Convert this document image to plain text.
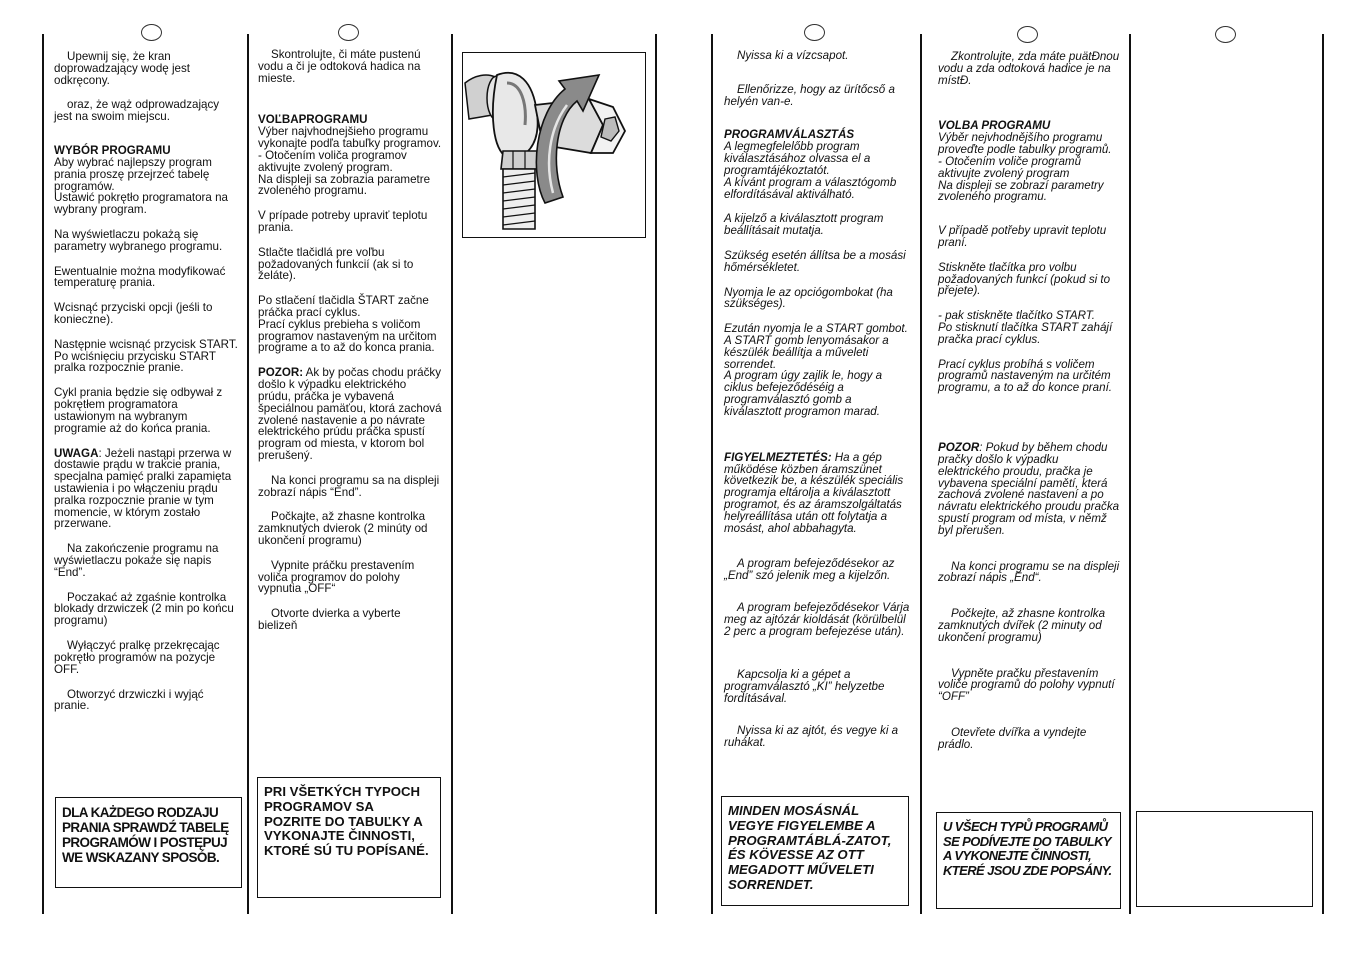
Upewnij się, że kran doprowadzający wodę jest odkręcony.

oraz, że wąż odprowadzający jest na swoim miejscu.

WYBÓR PROGRAMU

Aby wybrać najlepszy program prania proszę przejrzeć tabelę programów.
Ustawić pokrętło programatora na wybrany program.

Na wyświetlaczu pokażą się parametry wybranego programu.

Ewentualnie można modyfikować temperaturę prania.

Wcisnąć przyciski opcji (jeśli to konieczne).

Następnie wcisnąć przycisk START.
Po wciśnięciu przycisku START pralka rozpocznie pranie.

Cykl prania będzie się odbywał z pokrętłem programatora ustawionym na wybranym programie aż do końca prania.

UWAGA: Jeżeli nastąpi przerwa w dostawie prądu w trakcie prania, specjalna pamięć pralki zapamięta ustawienia i po włączeniu prądu pralka rozpocznie pranie w tym momencie, w którym zostało przerwane.

Na zakończenie programu na wyświetlaczu pokaże się napis “End”.

Poczakać aż zgaśnie kontrolka blokady drzwiczek (2 min po końcu programu)

Wyłączyć pralkę przekręcając pokrętło programów na pozycje OFF.

Otworzyć drzwiczki i wyjąć pranie.

DLA KAŻDEGO RODZAJU PRANIA SPRAWDŹ TABELĘ PROGRAMÓW I POSTĘPUJ WE WSKAZANY SPOSÓB.

Skontrolujte, či máte pustenú vodu a či je odtoková hadica na mieste.

VOĽBAPROGRAMU

Výber najvhodnejšieho programu vykonajte podľa tabuľky programov.
- Otočením voliča programov aktivujte zvolený program.
Na displeji sa zobrazia parametre zvoleného programu.

V prípade potreby upraviť teplotu prania.

Stlačte tlačidlá pre voľbu požadovaných funkcií (ak si to želáte).

Po stlačení tlačidla ŠTART začne práčka prací cyklus.
Prací cyklus prebieha s voličom programov nastaveným na určitom programe a to až do konca prania.

POZOR: Ak by počas chodu práčky došlo k výpadku elektrického prúdu, práčka je vybavená špeciálnou pamäťou, ktorá zachová zvolené nastavenie a po návrate elektrického prúdu práčka spustí program od miesta, v ktorom bol prerušený.

Na konci programu sa na displeji zobrazí nápis “End”.

Počkajte, až zhasne kontrolka zamknutých dvierok (2 minúty od ukončení programu)

Vypnite práčku prestavením voliča programov do polohy vypnutia „OFF“

Otvorte dvierka a vyberte bielizeň

PRI VŠETKÝCH TYPOCH PROGRAMOV SA POZRITE DO TABUĽKY A VYKONAJTE ČINNOSTI, KTORÉ SÚ TU POPÍSANÉ.

Nyissa ki a vízcsapot.

Ellenőrizze, hogy az ürítőcső a helyén van-e.

PROGRAMVÁLASZTÁS

A legmegfelelőbb program kiválasztásához olvassa el a programtájékoztatót.
A kívánt program a választógomb elfordításával aktiválható.

A kijelző a kiválasztott program beállításait mutatja.

Szükség esetén állítsa be a mosási hőmérsékletet.

Nyomja le az opciógombokat (ha szükséges).

Ezután nyomja le a START gombot. A START gomb lenyomásakor a készülék beállítja a műveleti sorrendet.
A program úgy zajlik le, hogy a ciklus befejeződéséig a programválasztó gomb a kiválasztott programon marad.

FIGYELMEZTETÉS: Ha a gép működése közben áramszünet következik be, a készülék speciális programja eltárolja a kiválasztott programot, és az áramszolgáltatás helyreállítása után ott folytatja a mosást, ahol abbahagyta.

A program befejeződésekor az „End” szó jelenik meg a kijelzőn.

A program befejeződésekor Várja meg az ajtózár kioldását (körülbelül 2 perc a program befejezése után).

Kapcsolja ki a gépet a programválasztó „KI” helyzetbe fordításával.

Nyissa ki az ajtót, és vegye ki a ruhákat.

MINDEN MOSÁSNÁL VEGYE FIGYELEMBE A PROGRAMTÁBLÁ-ZATOT, ÉS KÖVESSE AZ OTT MEGADOTT MŰVELETI SORRENDET.

Zkontrolujte, zda máte puätĐnou vodu a zda odtoková hadice je na místĐ.

VOLBA PROGRAMU

Výběr nejvhodnějšího programu proveďte podle tabulky programů.
- Otočením voliče programů aktivujte zvolený program
Na displeji se zobrazí parametry zvoleného programu.

V případě potřeby upravit teplotu praní.

Stiskněte tlačítka pro volbu požadovaných funkcí (pokud si to přejete).

- pak stiskněte tlačítko START.
Po stisknutí tlačítka START zahájí pračka prací cyklus.

Prací cyklus probíhá s voličem programů nastaveným na určitém programu, a to až do konce praní.

POZOR: Pokud by během chodu pračky došlo k výpadku elektrického proudu, pračka je vybavena speciální pamětí, která zachová zvolené nastavení a po návratu elektrického proudu pračka spustí program od místa, v němž byl přerušen.

Na konci programu se na displeji zobrazí nápis „End“.

Počkejte, až zhasne kontrolka zamknutých dvířek (2 minuty od ukončení programu)

Vypněte pračku přestavením voliče programů do polohy vypnutí “OFF”

Otevřete dvířka a vyndejte prádlo.

U VŠECH TYPŮ PROGRAMŮ SE PODÍVEJTE DO TABULKY A VYKONEJTE ČINNOSTI, KTERÉ JSOU ZDE POPSÁNY.
